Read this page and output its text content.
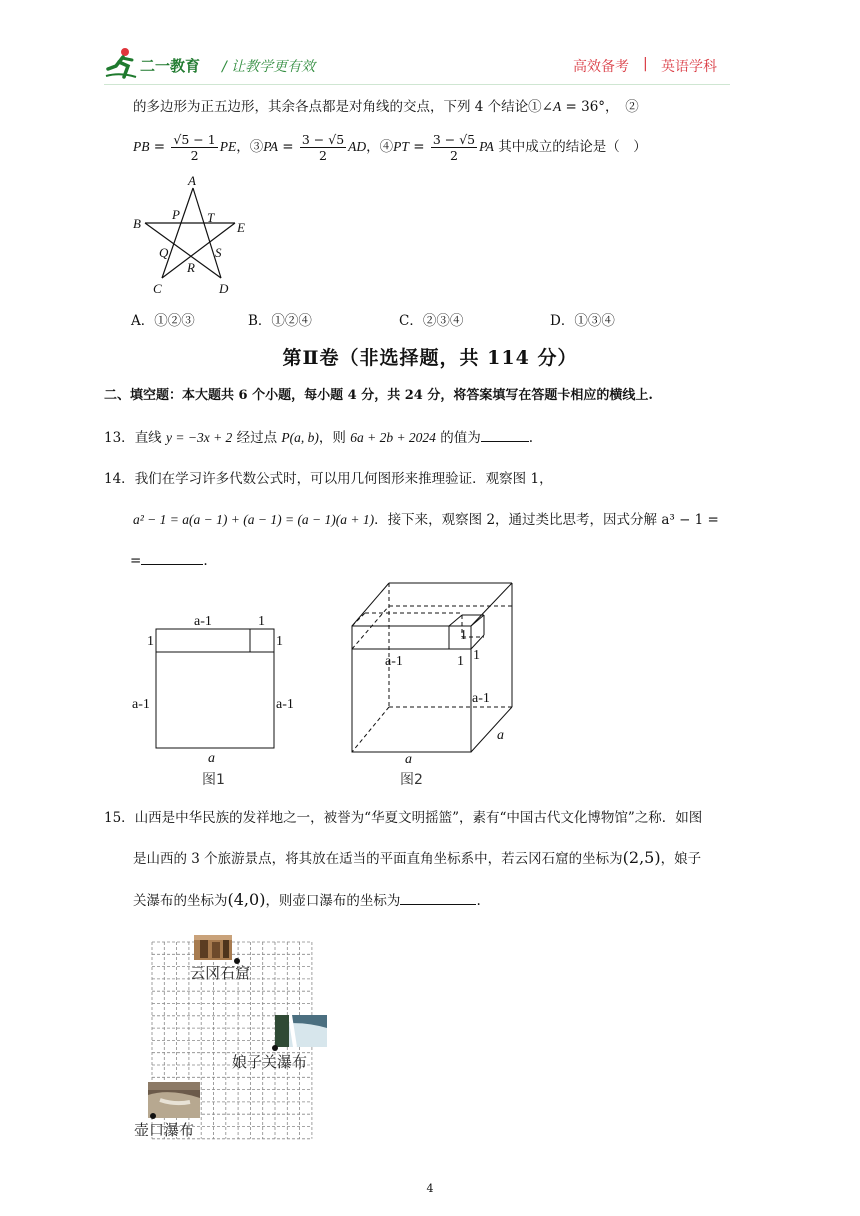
二一教育 / 让教学更有效	高效备考 | 英语学科
的多边形为正五边形，其余各点都是对角线的交点，下列 4 个结论①∠A = 36°，　②
PB = $\frac{√5 - 1}{2}$ PE，③PA = $\frac{3 - √5}{2}$ AD，④PT = $\frac{3 - √5}{2}$ PA 其中成立的结论是（　）
A
B	E
P T
Q	S
R
C	D
A．①②③	B．①②④	C．②③④	D．①③④
第Ⅱ卷（非选择题，共 114 分）
二、填空题：本大题共 6 个小题，每小题 4 分，共 24 分，将答案填写在答题卡相应的横线上.
13．直线 y = −3x + 2 经过点 P(a, b)，则 6a + 2b + 2024 的值为	.
14．我们在学习许多代数公式时，可以用几何图形来推理验证．观察图 1，
a² − 1 = a(a − 1) + (a − 1) = (a − 1)(a + 1)．接下来，观察图 2，通过类比思考，因式分解 a³ − 1 =
=	.
a-1	1
1	1
a-1	a-1
a
图1
1
a-1	1 1
a-1
a
a
图2
15．山西是中华民族的发祥地之一，被誉为“华夏文明摇篮”，素有“中国古代文化博物馆”之称．如图
是山西的 3 个旅游景点，将其放在适当的平面直角坐标系中，若云冈石窟的坐标为(2,5)，娘子
关瀑布的坐标为(4,0)，则壶口瀑布的坐标为	.
云冈石窟
娘子关瀑布
壶口瀑布
4
